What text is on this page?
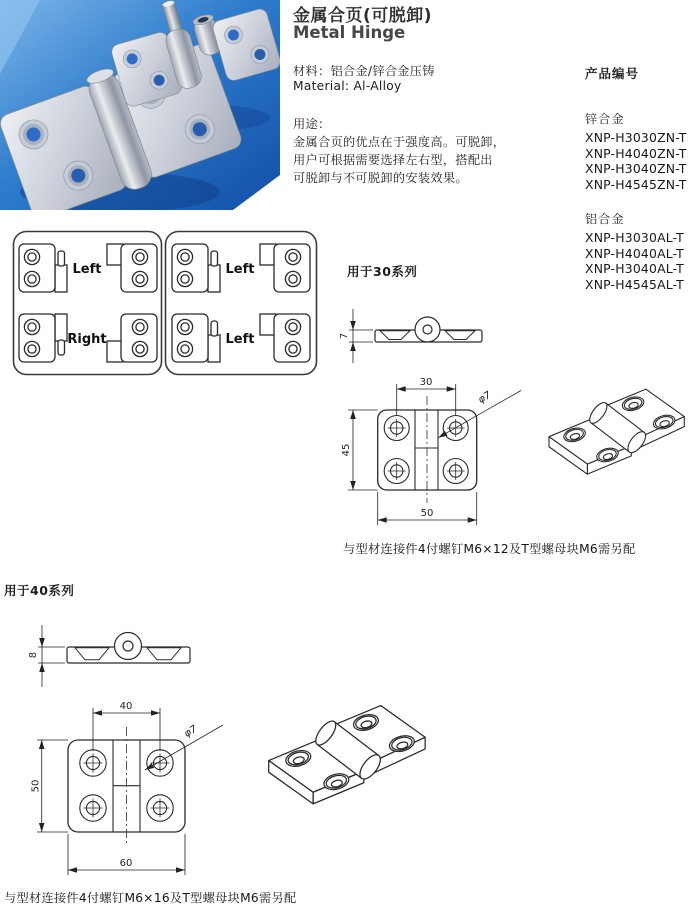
金属合页(可脱卸)
Metal Hinge
材料：铝合金/锌合金压铸
Material: Al-Alloy
用途：

金属合页的优点在于强度高。可脱卸，

用户可根据需要选择左右型，搭配出

可脱卸与不可脱卸的安装效果。

产品编号
锌合金
XNP-H3030ZN-T
XNP-H4040ZN-T
XNP-H3040ZN-T
XNP-H4545ZN-T
铝合金
XNP-H3030AL-T
XNP-H4040AL-T
XNP-H3040AL-T
XNP-H4545AL-T
Left
Right
Left
Left
用于30系列
7
30
45
50
φ7
与型材连接件4付螺钉M6×12及T型螺母块M6需另配
用于40系列
8
40
50
60
φ7
与型材连接件4付螺钉M6×16及T型螺母块M6需另配
